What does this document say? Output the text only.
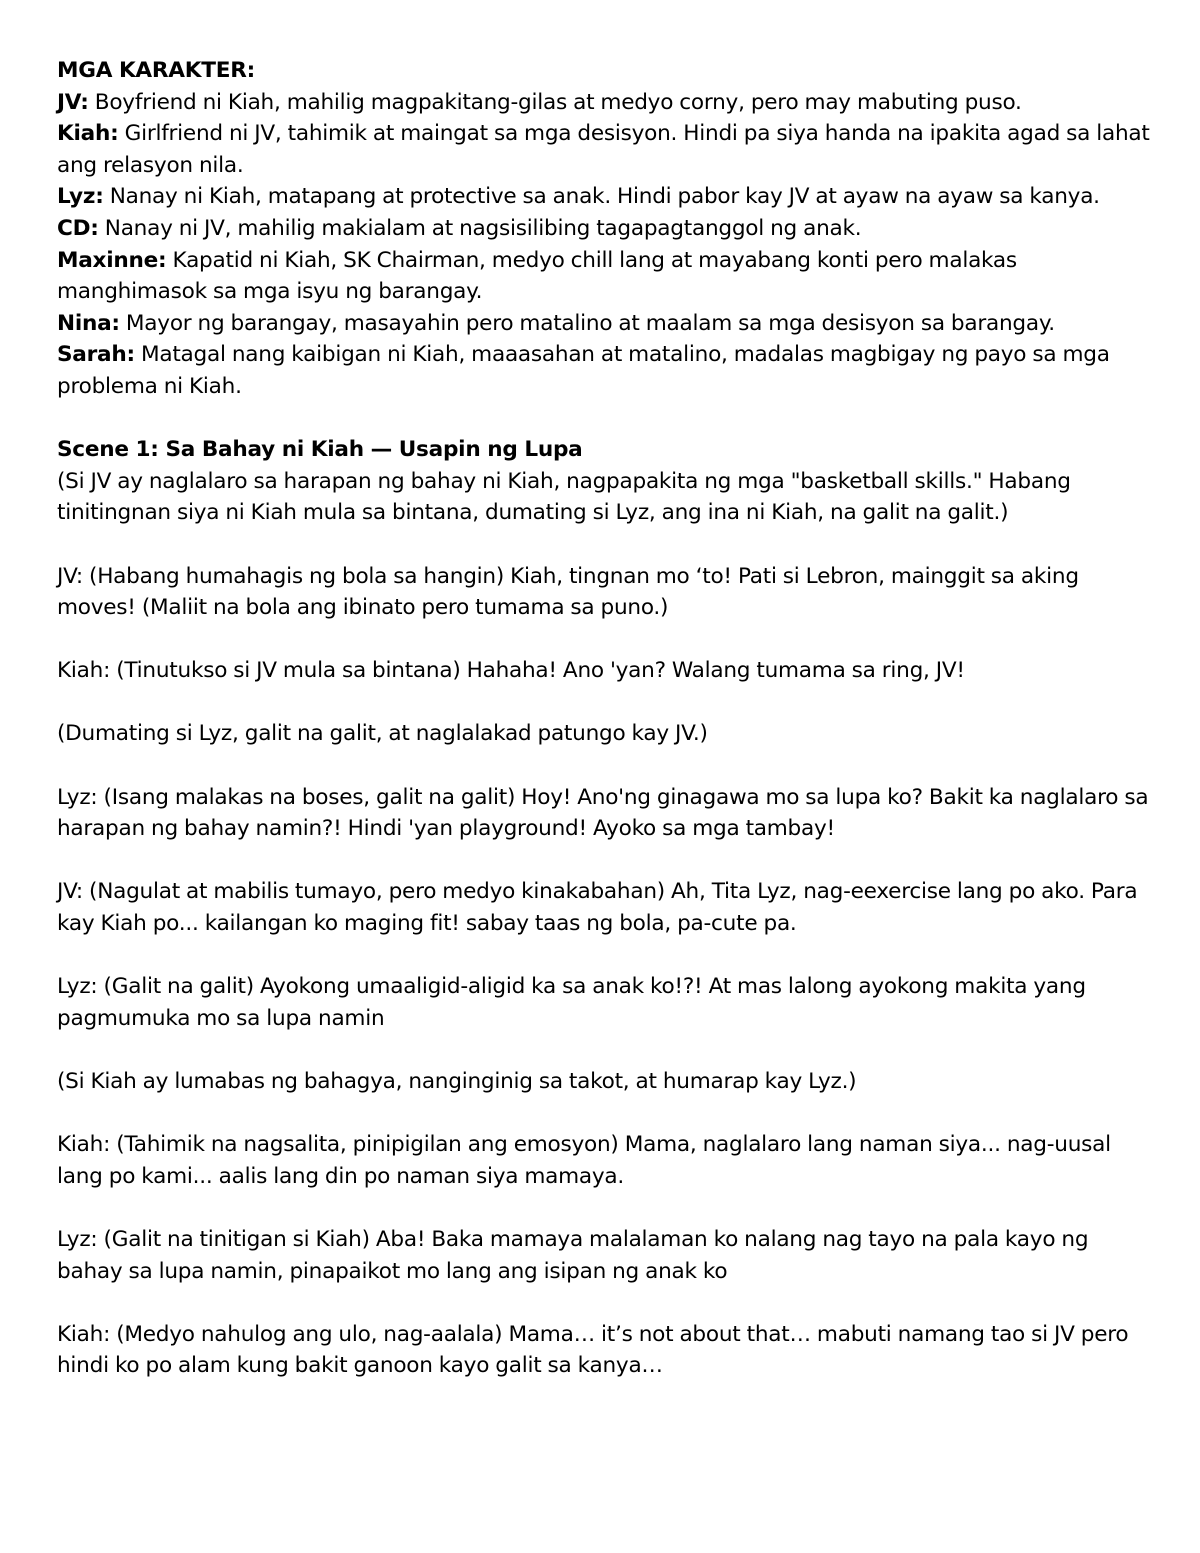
MGA KARAKTER:

JV: Boyfriend ni Kiah, mahilig magpakitang-gilas at medyo corny, pero may mabuting puso.

Kiah: Girlfriend ni JV, tahimik at maingat sa mga desisyon. Hindi pa siya handa na ipakita agad sa lahat ang relasyon nila.

Lyz: Nanay ni Kiah, matapang at protective sa anak. Hindi pabor kay JV at ayaw na ayaw sa kanya.

CD: Nanay ni JV, mahilig makialam at nagsisilibing tagapagtanggol ng anak.

Maxinne: Kapatid ni Kiah, SK Chairman, medyo chill lang at mayabang konti pero malakas manghimasok sa mga isyu ng barangay.

Nina: Mayor ng barangay, masayahin pero matalino at maalam sa mga desisyon sa barangay.

Sarah: Matagal nang kaibigan ni Kiah, maaasahan at matalino, madalas magbigay ng payo sa mga problema ni Kiah.

Scene 1: Sa Bahay ni Kiah — Usapin ng Lupa

(Si JV ay naglalaro sa harapan ng bahay ni Kiah, nagpapakita ng mga "basketball skills." Habang tinitingnan siya ni Kiah mula sa bintana, dumating si Lyz, ang ina ni Kiah, na galit na galit.)

JV: (Habang humahagis ng bola sa hangin) Kiah, tingnan mo ‘to! Pati si Lebron, mainggit sa aking moves! (Maliit na bola ang ibinato pero tumama sa puno.)

Kiah: (Tinutukso si JV mula sa bintana) Hahaha! Ano 'yan? Walang tumama sa ring, JV!

(Dumating si Lyz, galit na galit, at naglalakad patungo kay JV.)

Lyz: (Isang malakas na boses, galit na galit) Hoy! Ano'ng ginagawa mo sa lupa ko? Bakit ka naglalaro sa harapan ng bahay namin?! Hindi 'yan playground! Ayoko sa mga tambay!

JV: (Nagulat at mabilis tumayo, pero medyo kinakabahan) Ah, Tita Lyz, nag-eexercise lang po ako. Para kay Kiah po... kailangan ko maging fit! sabay taas ng bola, pa-cute pa.

Lyz: (Galit na galit) Ayokong umaaligid-aligid ka sa anak ko!?! At mas lalong ayokong makita yang pagmumuka mo sa lupa namin

(Si Kiah ay lumabas ng bahagya, nanginginig sa takot, at humarap kay Lyz.)

Kiah: (Tahimik na nagsalita, pinipigilan ang emosyon) Mama, naglalaro lang naman siya... nag-uusal lang po kami... aalis lang din po naman siya mamaya.

Lyz: (Galit na tinitigan si Kiah) Aba! Baka mamaya malalaman ko nalang nag tayo na pala kayo ng bahay sa lupa namin, pinapaikot mo lang ang isipan ng anak ko

Kiah: (Medyo nahulog ang ulo, nag-aalala) Mama… it’s not about that… mabuti namang tao si JV pero hindi ko po alam kung bakit ganoon kayo galit sa kanya…
